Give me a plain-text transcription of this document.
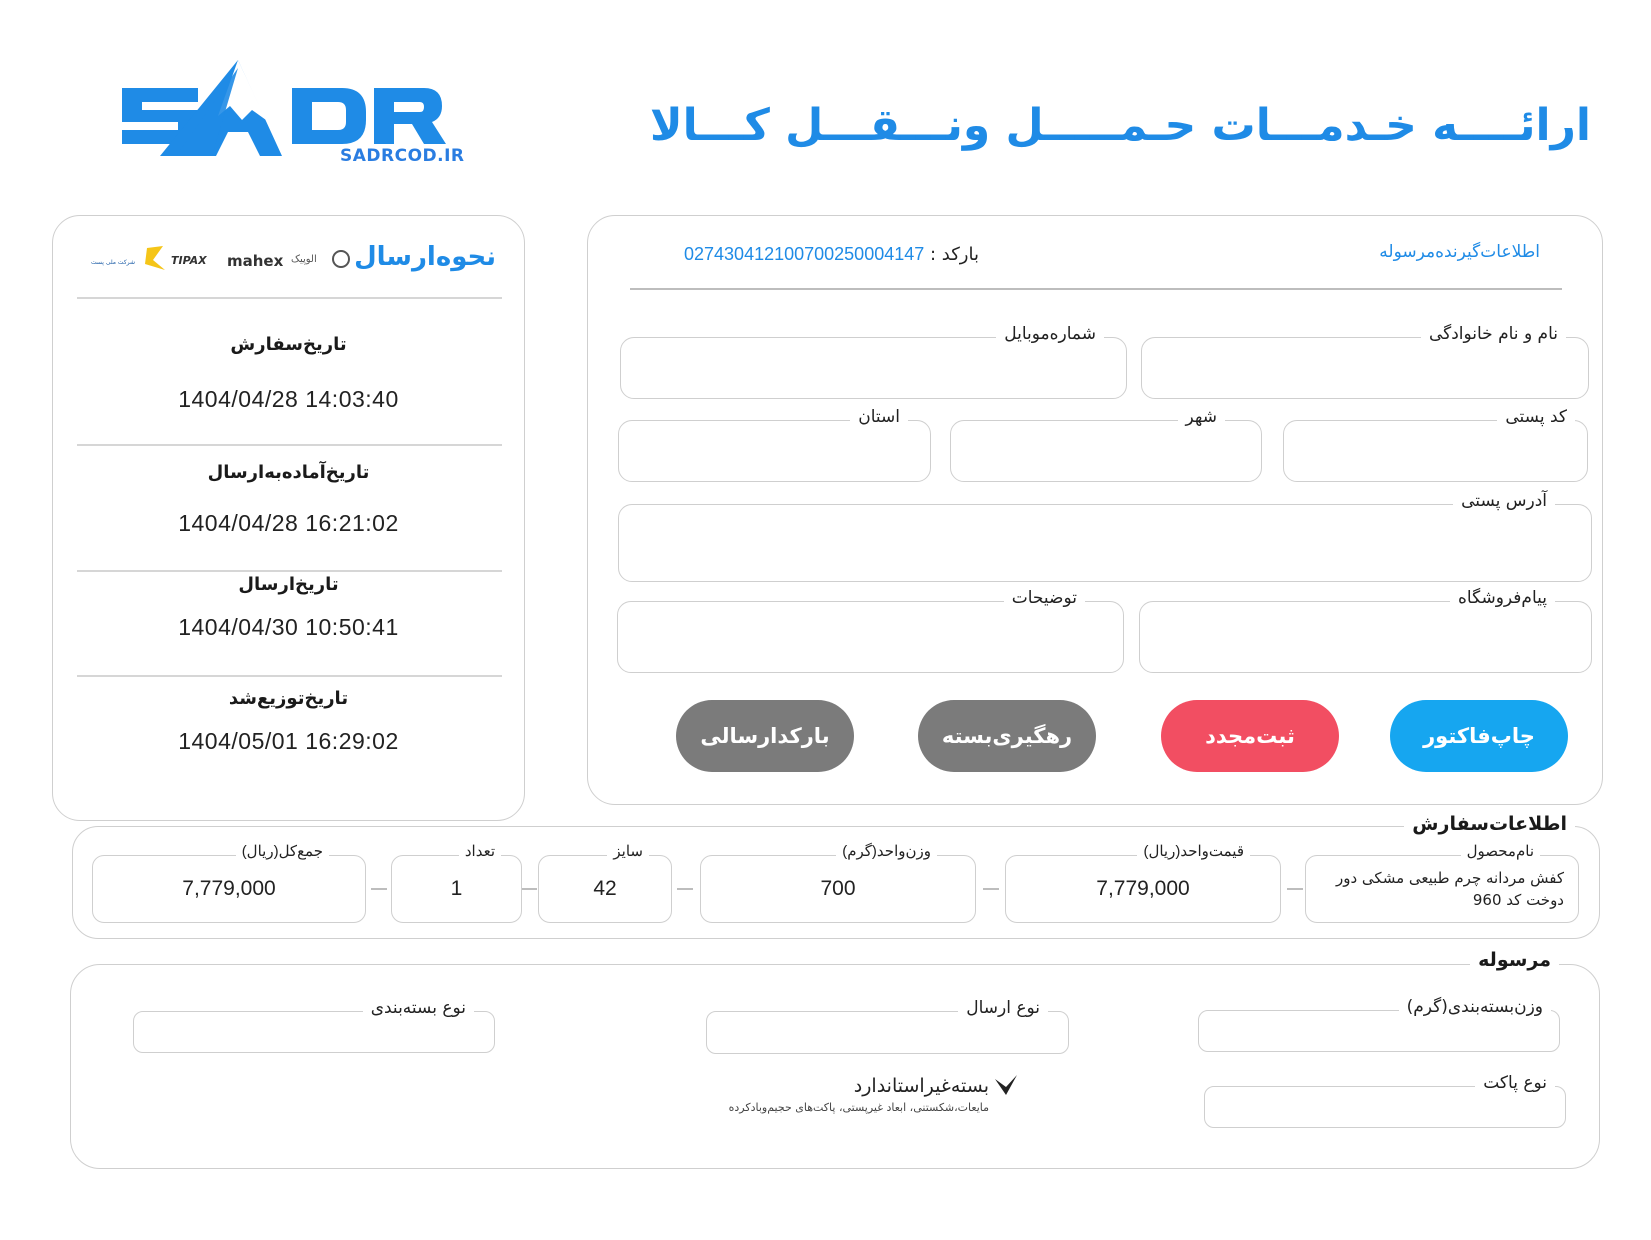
SADRCOD.IR
ارائــــه خـدمـــات حـمـــــل ونـــقـــل کـــالا
نحوه‌ارسال
شرکت ملی پست	TIPAX mahex الوپیک
تاریخ‌سفارش
1404/04/28 14:03:40
تاریخ‌آماده‌به‌ارسال
1404/04/28 16:21:02
تاریخ‌ارسال
1404/04/30 10:50:41
تاریخ‌توزیع‌شد
1404/05/01 16:29:02
اطلاعات‌گیرنده‌مرسوله
بارکد : 027430412100700250004147
نام و نام خانوادگی
شماره‌موبایل
کد پستی
شهر
استان
آدرس پستی
پیام‌فروشگاه
توضیحات
چاپ‌فاکتور
ثبت‌مجدد
رهگیری‌بسته
بارکدارسالی
اطلاعات‌سفارش
نام‌محصول
کفش مردانه چرم طبیعی مشکی دور دوخت کد 960
قیمت‌واحد(ریال)
7,779,000
وزن‌واحد(گرم)
700
سایز
42
تعداد
1
جمع‌کل(ریال)
7,779,000
مرسوله
وزن‌بسته‌بندی(گرم)
نوع ارسال
نوع بسته‌بندی
نوع پاکت
بسته‌غیراستاندارد
مایعات،شکستنی، ابعاد غیرپستی، پاکت‌های حجیم‌وبادکرده
